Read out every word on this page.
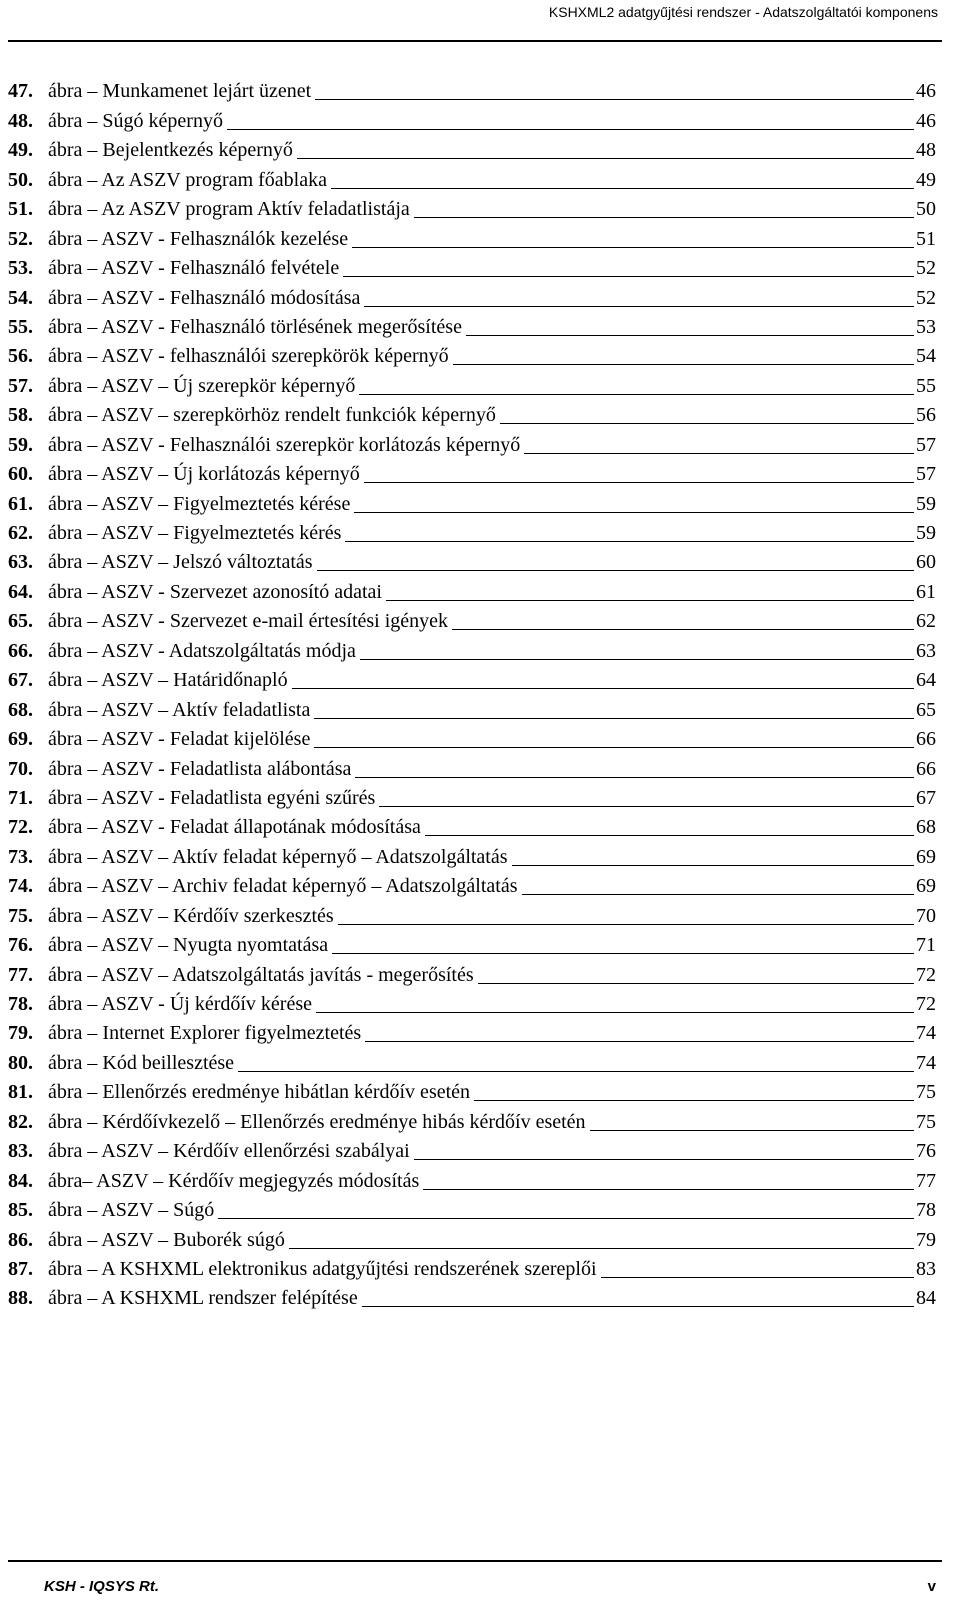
KSHXML2 adatgyűjtési rendszer - Adatszolgáltatói komponens
47. ábra – Munkamenet lejárt üzenet	46
48. ábra – Súgó képernyő	46
49. ábra – Bejelentkezés képernyő	48
50. ábra – Az ASZV program főablaka	49
51. ábra – Az ASZV program Aktív feladatlistája	50
52. ábra – ASZV - Felhasználók kezelése	51
53. ábra – ASZV - Felhasználó felvétele	52
54. ábra – ASZV - Felhasználó módosítása	52
55. ábra – ASZV - Felhasználó törlésének megerősítése	53
56. ábra – ASZV - felhasználói szerepkörök képernyő	54
57. ábra – ASZV – Új szerepkör képernyő	55
58. ábra – ASZV – szerepkörhöz rendelt funkciók képernyő	56
59. ábra – ASZV - Felhasználói szerepkör korlátozás képernyő	57
60. ábra – ASZV – Új korlátozás képernyő	57
61. ábra – ASZV – Figyelmeztetés kérése	59
62. ábra – ASZV – Figyelmeztetés kérés	59
63. ábra – ASZV – Jelszó változtatás	60
64. ábra – ASZV - Szervezet azonosító adatai	61
65. ábra – ASZV - Szervezet e-mail értesítési igények	62
66. ábra – ASZV - Adatszolgáltatás módja	63
67. ábra – ASZV – Határidőnapló	64
68. ábra – ASZV – Aktív feladatlista	65
69. ábra – ASZV - Feladat kijelölése	66
70. ábra – ASZV - Feladatlista alábontása	66
71. ábra – ASZV - Feladatlista egyéni szűrés	67
72. ábra – ASZV - Feladat állapotának módosítása	68
73. ábra – ASZV – Aktív feladat képernyő – Adatszolgáltatás	69
74. ábra – ASZV – Archiv feladat képernyő – Adatszolgáltatás	69
75. ábra – ASZV – Kérdőív szerkesztés	70
76. ábra – ASZV – Nyugta nyomtatása	71
77. ábra – ASZV – Adatszolgáltatás javítás - megerősítés	72
78. ábra – ASZV - Új kérdőív kérése	72
79. ábra – Internet Explorer figyelmeztetés	74
80. ábra – Kód beillesztése	74
81. ábra – Ellenőrzés eredménye hibátlan kérdőív esetén	75
82. ábra – Kérdőívkezelő – Ellenőrzés eredménye hibás kérdőív esetén	75
83. ábra – ASZV – Kérdőív ellenőrzési szabályai	76
84. ábra– ASZV – Kérdőív megjegyzés módosítás	77
85. ábra – ASZV – Súgó	78
86. ábra – ASZV – Buborék súgó	79
87. ábra – A KSHXML elektronikus adatgyűjtési rendszerének szereplői	83
88. ábra – A KSHXML rendszer felépítése	84
KSH - IQSYS Rt.	v
